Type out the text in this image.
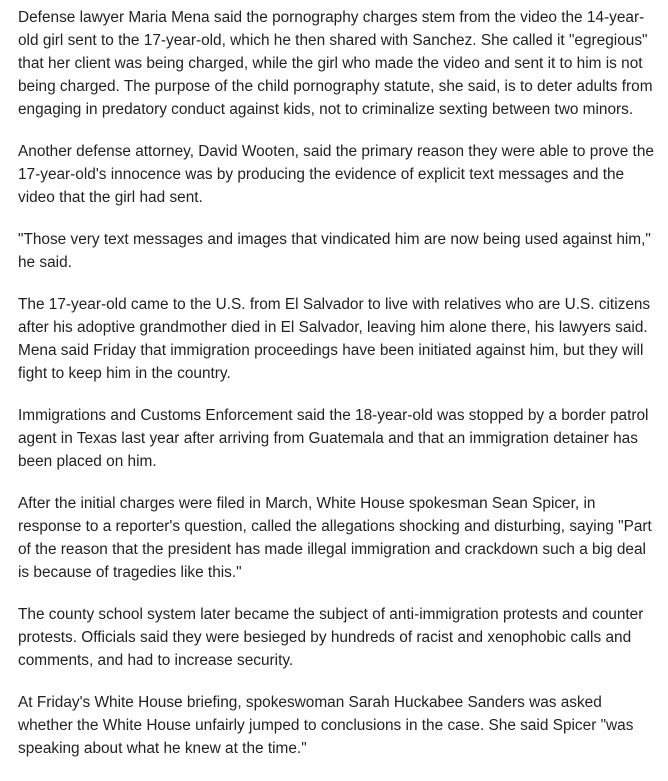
Defense lawyer Maria Mena said the pornography charges stem from the video the 14-year-old girl sent to the 17-year-old, which he then shared with Sanchez. She called it "egregious" that her client was being charged, while the girl who made the video and sent it to him is not being charged. The purpose of the child pornography statute, she said, is to deter adults from engaging in predatory conduct against kids, not to criminalize sexting between two minors.

Another defense attorney, David Wooten, said the primary reason they were able to prove the 17-year-old's innocence was by producing the evidence of explicit text messages and the video that the girl had sent.

"Those very text messages and images that vindicated him are now being used against him," he said.

The 17-year-old came to the U.S. from El Salvador to live with relatives who are U.S. citizens after his adoptive grandmother died in El Salvador, leaving him alone there, his lawyers said. Mena said Friday that immigration proceedings have been initiated against him, but they will fight to keep him in the country.

Immigrations and Customs Enforcement said the 18-year-old was stopped by a border patrol agent in Texas last year after arriving from Guatemala and that an immigration detainer has been placed on him.

After the initial charges were filed in March, White House spokesman Sean Spicer, in response to a reporter's question, called the allegations shocking and disturbing, saying "Part of the reason that the president has made illegal immigration and crackdown such a big deal is because of tragedies like this."

The county school system later became the subject of anti-immigration protests and counter protests. Officials said they were besieged by hundreds of racist and xenophobic calls and comments, and had to increase security.

At Friday's White House briefing, spokeswoman Sarah Huckabee Sanders was asked whether the White House unfairly jumped to conclusions in the case. She said Spicer "was speaking about what he knew at the time."
